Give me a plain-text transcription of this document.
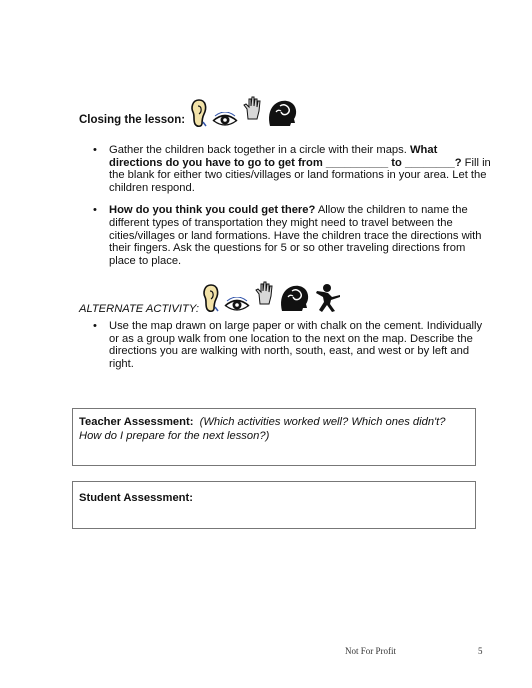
Closing the lesson:
• Gather the children back together in a circle with their maps. What directions do you have to go to get from __________ to ________? Fill in the blank for either two cities/villages or land formations in your area. Let the children respond.
• How do you think you could get there? Allow the children to name the different types of transportation they might need to travel between the cities/villages or land formations. Have the children trace the directions with their fingers. Ask the questions for 5 or so other traveling directions from place to place.
ALTERNATE ACTIVITY:
• Use the map drawn on large paper or with chalk on the cement. Individually or as a group walk from one location to the next on the map. Describe the directions you are walking with north, south, east, and west or by left and right.
Teacher Assessment: (Which activities worked well? Which ones didn't? How do I prepare for the next lesson?)
Student Assessment:
Not For Profit	5
